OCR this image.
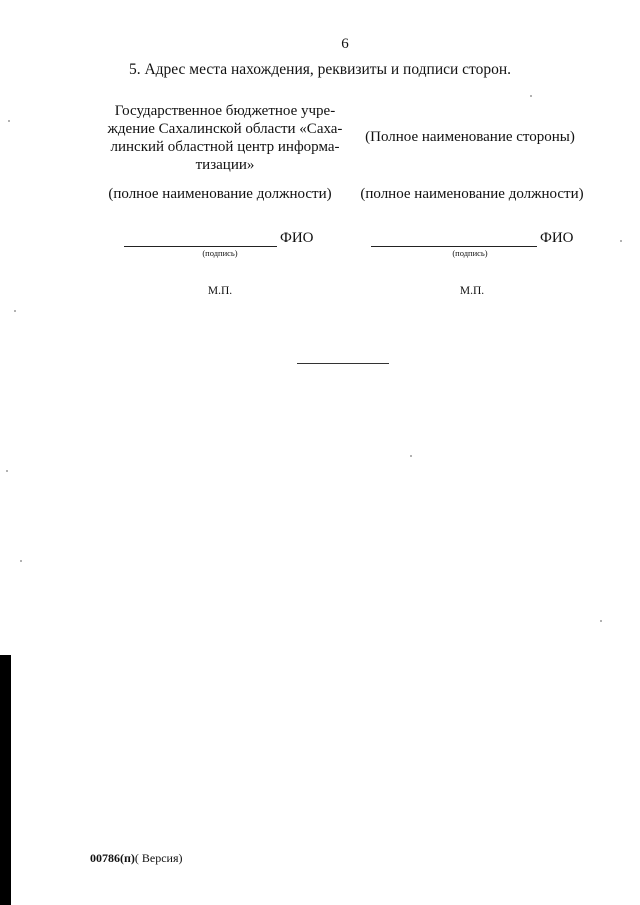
6

5. Адрес места нахождения, реквизиты и подписи сторон.

Государственное бюджетное учре-
ждение Сахалинской области «Саха-
линский областной центр информа-
тизации»

(Полное наименование стороны)

(полное наименование должности)	(полное наименование должности)

ФИО
(подпись)
ФИО
(подпись)
М.П.	М.П.

00786(п)( Версия)
